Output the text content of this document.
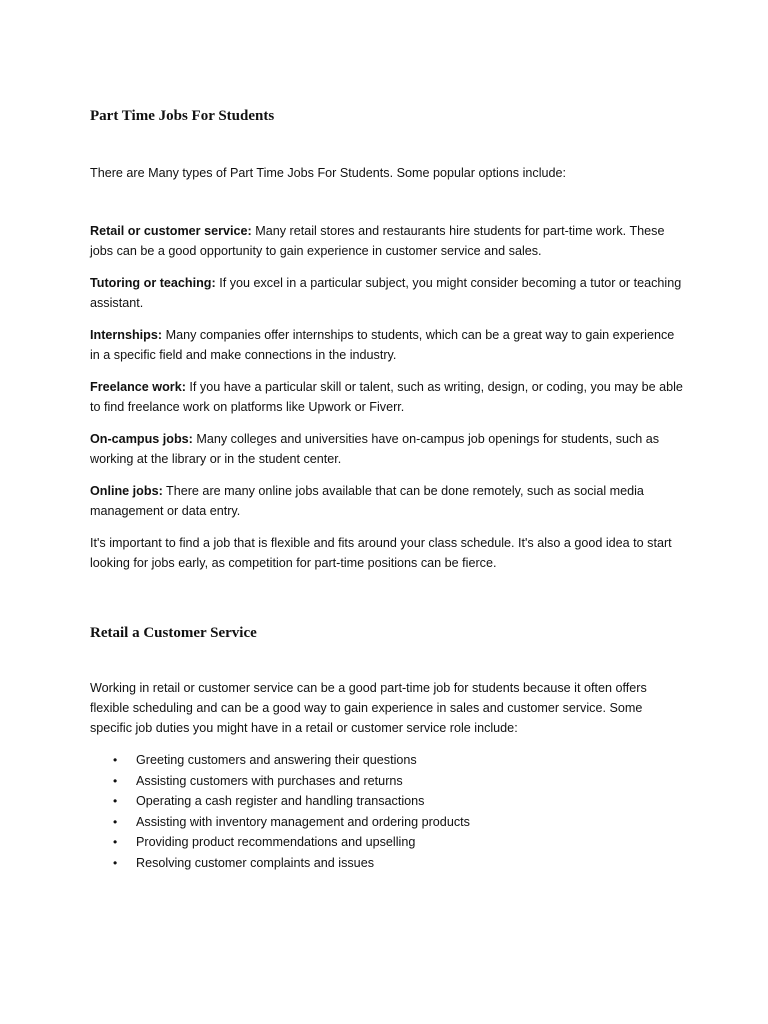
Part Time Jobs For Students

There are Many types of Part Time Jobs For Students. Some popular options include:

Retail or customer service: Many retail stores and restaurants hire students for part-time work. These jobs can be a good opportunity to gain experience in customer service and sales.

Tutoring or teaching: If you excel in a particular subject, you might consider becoming a tutor or teaching assistant.

Internships: Many companies offer internships to students, which can be a great way to gain experience in a specific field and make connections in the industry.

Freelance work: If you have a particular skill or talent, such as writing, design, or coding, you may be able to find freelance work on platforms like Upwork or Fiverr.

On-campus jobs: Many colleges and universities have on-campus job openings for students, such as working at the library or in the student center.

Online jobs: There are many online jobs available that can be done remotely, such as social media management or data entry.

It's important to find a job that is flexible and fits around your class schedule. It's also a good idea to start looking for jobs early, as competition for part-time positions can be fierce.

Retail a Customer Service

Working in retail or customer service can be a good part-time job for students because it often offers flexible scheduling and can be a good way to gain experience in sales and customer service. Some specific job duties you might have in a retail or customer service role include:

• Greeting customers and answering their questions
• Assisting customers with purchases and returns
• Operating a cash register and handling transactions
• Assisting with inventory management and ordering products
• Providing product recommendations and upselling
• Resolving customer complaints and issues
